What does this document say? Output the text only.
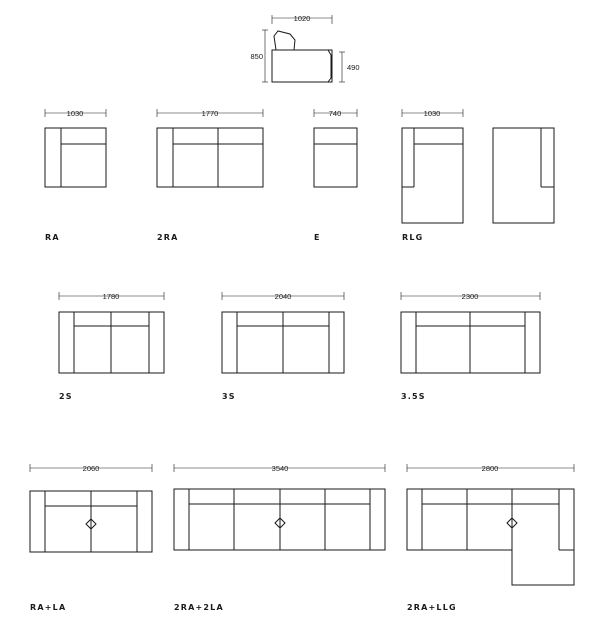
1020
850
490
1030
RA
1770
2RA
740
E
1030
RLG
1780
2S
2040
3S
2300
3.5S
2060
RA+LA
3540
2RA+2LA
2800
2RA+LLG
